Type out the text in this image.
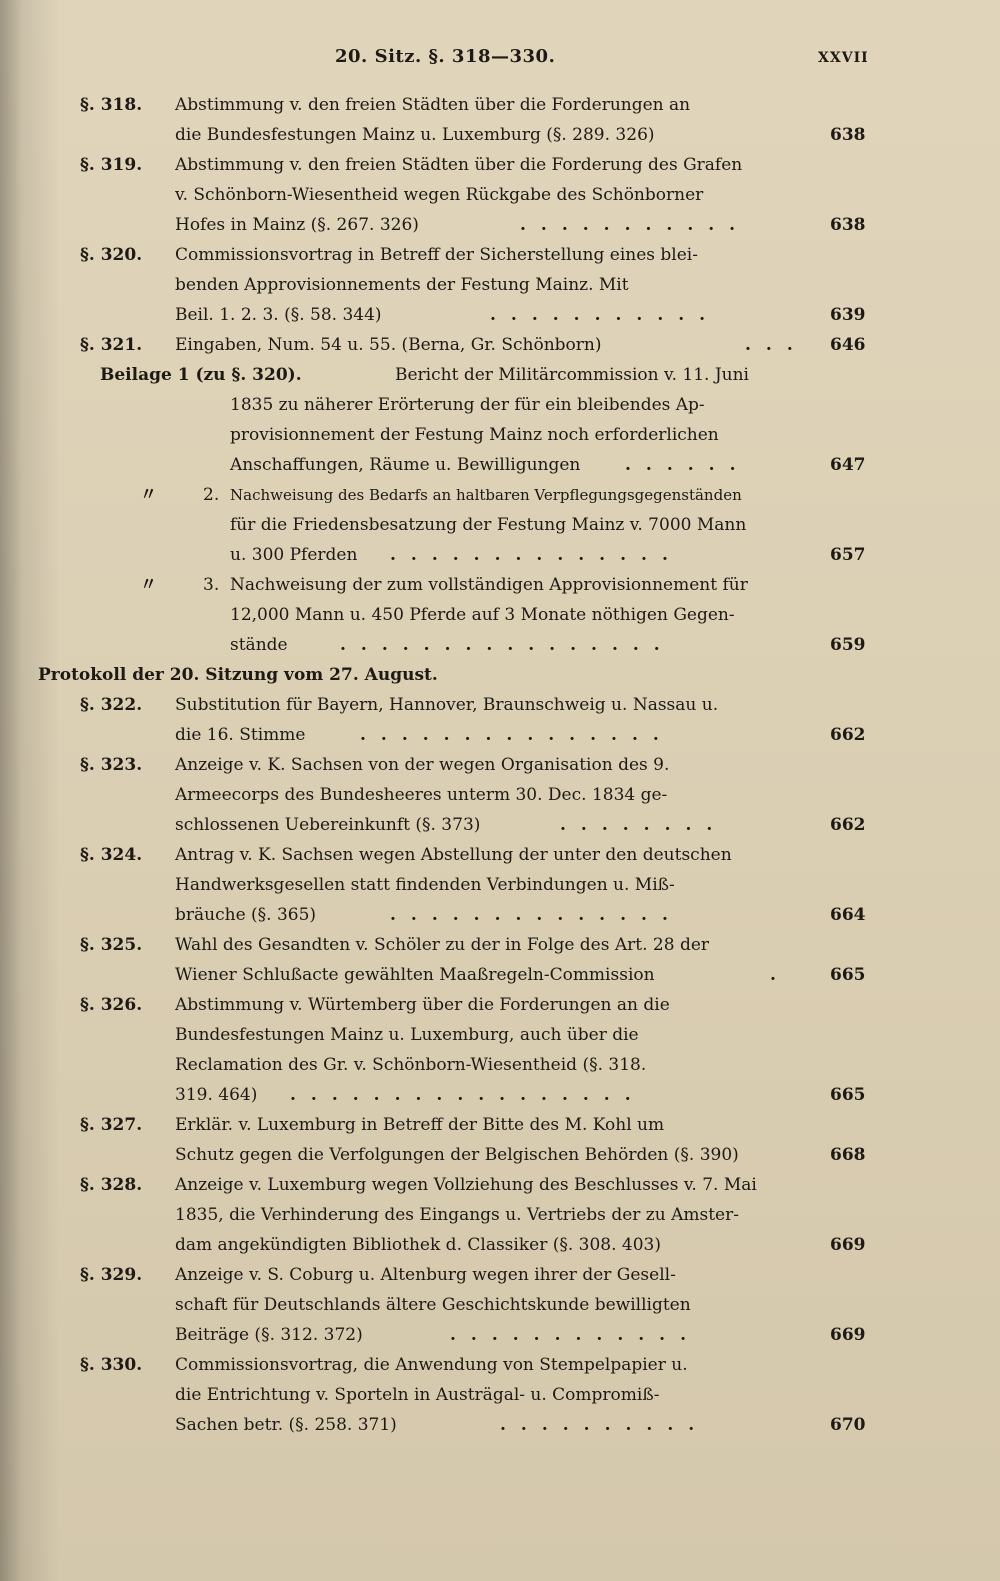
20. Sitz. §. 318—330.	XXVII
§. 318. Abstimmung v. den freien Städten über die Forderungen an
die Bundesfestungen Mainz u. Luxemburg (§. 289. 326)	638
§. 319. Abstimmung v. den freien Städten über die Forderung des Grafen
v. Schönborn-Wiesentheid wegen Rückgabe des Schönborner
Hofes in Mainz (§. 267. 326)	...........	638
§. 320. Commissionsvortrag in Betreff der Sicherstellung eines blei-
benden Approvisionnements der Festung Mainz. Mit
Beil. 1. 2. 3. (§. 58. 344)	...........	639
§. 321. Eingaben, Num. 54 u. 55. (Berna, Gr. Schönborn)	... 646
Beilage 1 (zu §. 320).	Bericht der Militärcommission v. 11. Juni
1835 zu näherer Erörterung der für ein bleibendes Ap-
provisionnement der Festung Mainz noch erforderlichen
Anschaffungen, Räume u. Bewilligungen	......	647
〃	2. Nachweisung des Bedarfs an haltbaren Verpflegungsgegenständen
für die Friedensbesatzung der Festung Mainz v. 7000 Mann
u. 300 Pferden	..............	657
〃	3. Nachweisung der zum vollständigen Approvisionnement für
12,000 Mann u. 450 Pferde auf 3 Monate nöthigen Gegen-
stände	................	659
Protokoll der 20. Sitzung vom 27. August.
§. 322. Substitution für Bayern, Hannover, Braunschweig u. Nassau u.
die 16. Stimme	...............	662
§. 323. Anzeige v. K. Sachsen von der wegen Organisation des 9.
Armeecorps des Bundesheeres unterm 30. Dec. 1834 ge-
schlossenen Uebereinkunft (§. 373)	........	662
§. 324. Antrag v. K. Sachsen wegen Abstellung der unter den deutschen
Handwerksgesellen statt findenden Verbindungen u. Miß-
bräuche (§. 365)	..............	664
§. 325. Wahl des Gesandten v. Schöler zu der in Folge des Art. 28 der
Wiener Schlußacte gewählten Maaßregeln-Commission	.	665
§. 326. Abstimmung v. Würtemberg über die Forderungen an die
Bundesfestungen Mainz u. Luxemburg, auch über die
Reclamation des Gr. v. Schönborn-Wiesentheid (§. 318.
319. 464)	.................	665
§. 327. Erklär. v. Luxemburg in Betreff der Bitte des M. Kohl um
Schutz gegen die Verfolgungen der Belgischen Behörden (§. 390)	668
§. 328. Anzeige v. Luxemburg wegen Vollziehung des Beschlusses v. 7. Mai
1835, die Verhinderung des Eingangs u. Vertriebs der zu Amster-
dam angekündigten Bibliothek d. Classiker (§. 308. 403)	669
§. 329. Anzeige v. S. Coburg u. Altenburg wegen ihrer der Gesell-
schaft für Deutschlands ältere Geschichtskunde bewilligten
Beiträge (§. 312. 372)	............	669
§. 330. Commissionsvortrag, die Anwendung von Stempelpapier u.
die Entrichtung v. Sporteln in Austrägal- u. Compromiß-
Sachen betr. (§. 258. 371)	..........	670
